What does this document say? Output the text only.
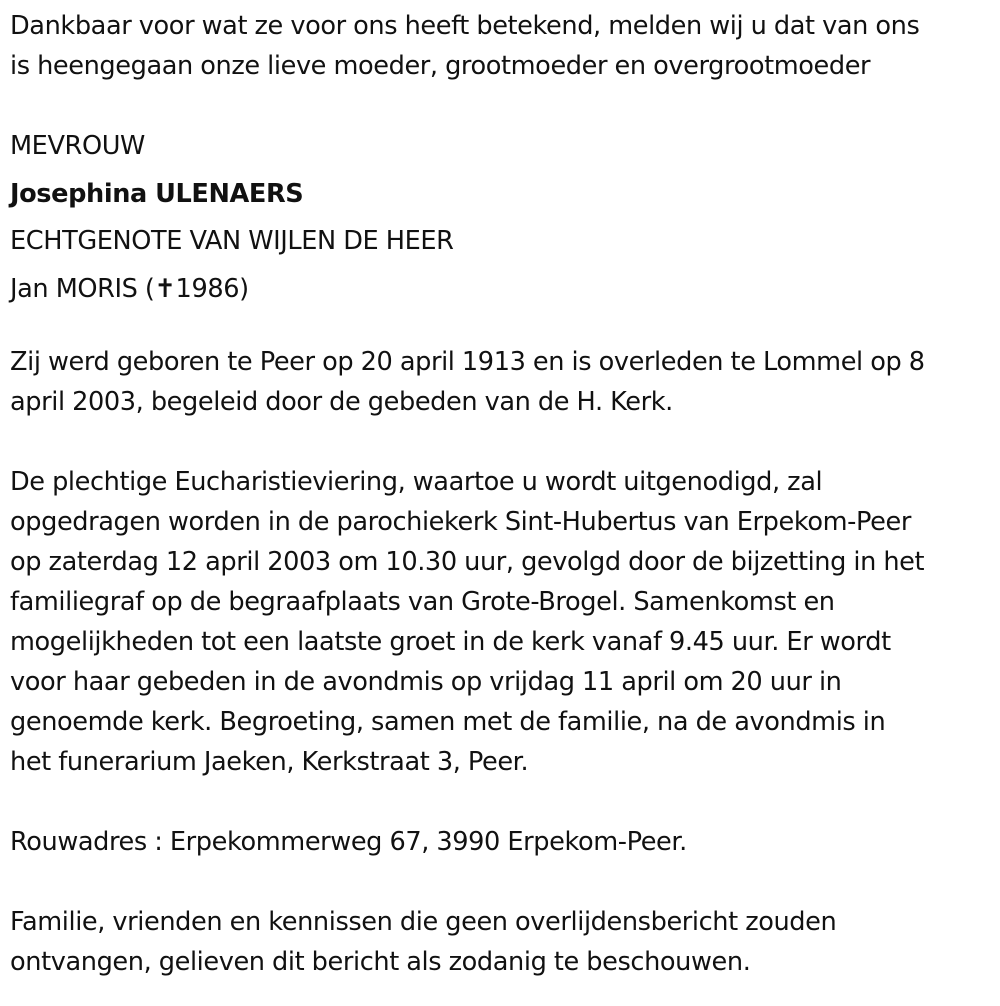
Dankbaar voor wat ze voor ons heeft betekend, melden wij u dat van ons
is heengegaan onze lieve moeder, grootmoeder en overgrootmoeder
MEVROUW
Josephina ULENAERS
ECHTGENOTE VAN WIJLEN DE HEER
Jan MORIS (✝1986)
Zij werd geboren te Peer op 20 april 1913 en is overleden te Lommel op 8
april 2003, begeleid door de gebeden van de H. Kerk.
De plechtige Eucharistieviering, waartoe u wordt uitgenodigd, zal
opgedragen worden in de parochiekerk Sint-Hubertus van Erpekom-Peer
op zaterdag 12 april 2003 om 10.30 uur, gevolgd door de bijzetting in het
familiegraf op de begraafplaats van Grote-Brogel. Samenkomst en
mogelijkheden tot een laatste groet in de kerk vanaf 9.45 uur. Er wordt
voor haar gebeden in de avondmis op vrijdag 11 april om 20 uur in
genoemde kerk. Begroeting, samen met de familie, na de avondmis in
het funerarium Jaeken, Kerkstraat 3, Peer.
Rouwadres : Erpekommerweg 67, 3990 Erpekom-Peer.
Familie, vrienden en kennissen die geen overlijdensbericht zouden
ontvangen, gelieven dit bericht als zodanig te beschouwen.
